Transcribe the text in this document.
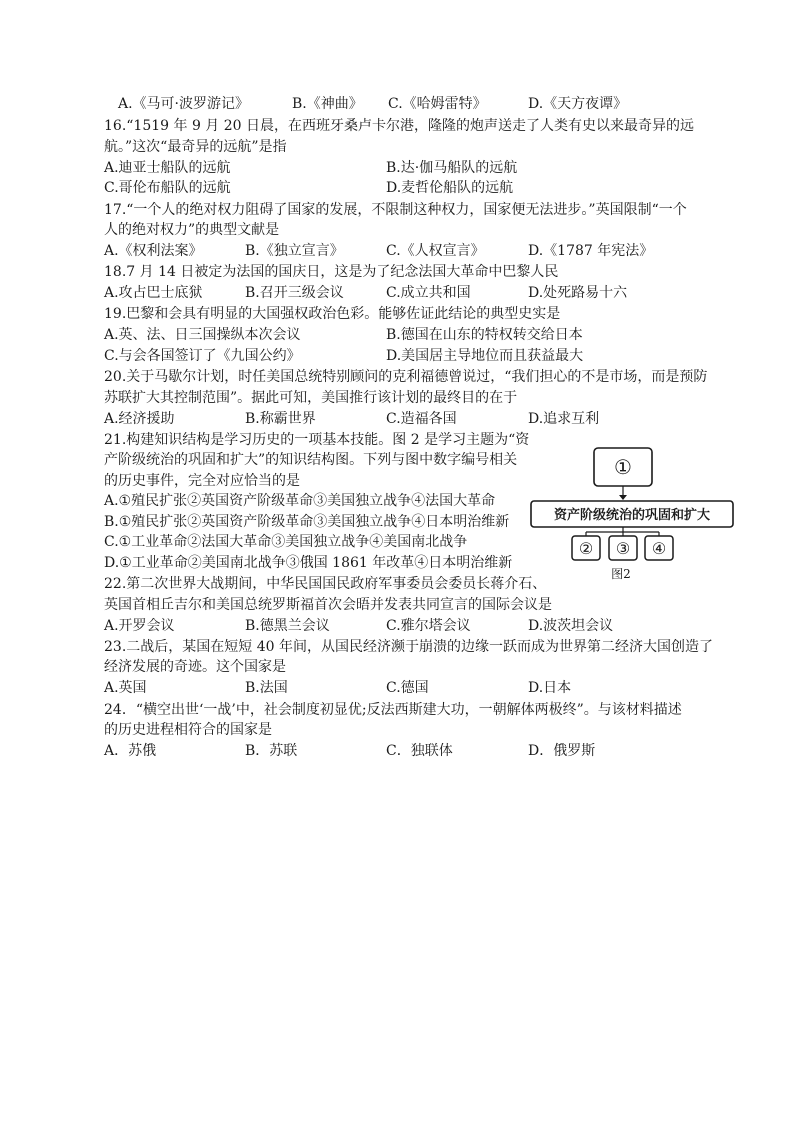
A.《马可·波罗游记》	B.《神曲》 C.《哈姆雷特》	D.《天方夜谭》
16.“1519 年 9 月 20 日晨，在西班牙桑卢卡尔港，隆隆的炮声送走了人类有史以来最奇异的远
航。”这次“最奇异的远航”是指
A.迪亚士船队的远航	B.达·伽马船队的远航
C.哥伦布船队的远航	D.麦哲伦船队的远航
17.“一个人的绝对权力阻碍了国家的发展，不限制这种权力，国家便无法进步。”英国限制“一个
人的绝对权力”的典型文献是
A.《权利法案》	B.《独立宣言》	C.《人权宣言》	D.《1787 年宪法》
18.7 月 14 日被定为法国的国庆日，这是为了纪念法国大革命中巴黎人民
A.攻占巴士底狱	B.召开三级会议	C.成立共和国	D.处死路易十六
19.巴黎和会具有明显的大国强权政治色彩。能够佐证此结论的典型史实是
A.英、法、日三国操纵本次会议	B.德国在山东的特权转交给日本
C.与会各国签订了《九国公约》	D.美国居主导地位而且获益最大
20.关于马歇尔计划，时任美国总统特别顾问的克利福德曾说过，“我们担心的不是市场，而是预防
苏联扩大其控制范围”。据此可知，美国推行该计划的最终目的在于
A.经济援助	B.称霸世界	C.造福各国	D.追求互利
21.构建知识结构是学习历史的一项基本技能。图 2 是学习主题为“资
产阶级统治的巩固和扩大”的知识结构图。下列与图中数字编号相关
的历史事件，完全对应恰当的是
A.①殖民扩张②英国资产阶级革命③美国独立战争④法国大革命
B.①殖民扩张②英国资产阶级革命③美国独立战争④日本明治维新
C.①工业革命②法国大革命③美国独立战争④美国南北战争
D.①工业革命②美国南北战争③俄国 1861 年改革④日本明治维新
①
资产阶级统治的巩固和扩大
② ③ ④
图2
22.第二次世界大战期间，中华民国国民政府军事委员会委员长蒋介石、
英国首相丘吉尔和美国总统罗斯福首次会晤并发表共同宣言的国际会议是
A.开罗会议	B.德黑兰会议	C.雅尔塔会议	D.波茨坦会议
23.二战后，某国在短短 40 年间，从国民经济濒于崩溃的边缘一跃而成为世界第二经济大国创造了
经济发展的奇迹。这个国家是
A.英国	B.法国	C.德国	D.日本
24．“横空出世‘一战’中，社会制度初显优;反法西斯建大功，一朝解体两极终”。与该材料描述
的历史进程相符合的国家是
A．苏俄	B．苏联	C．独联体	D．俄罗斯
